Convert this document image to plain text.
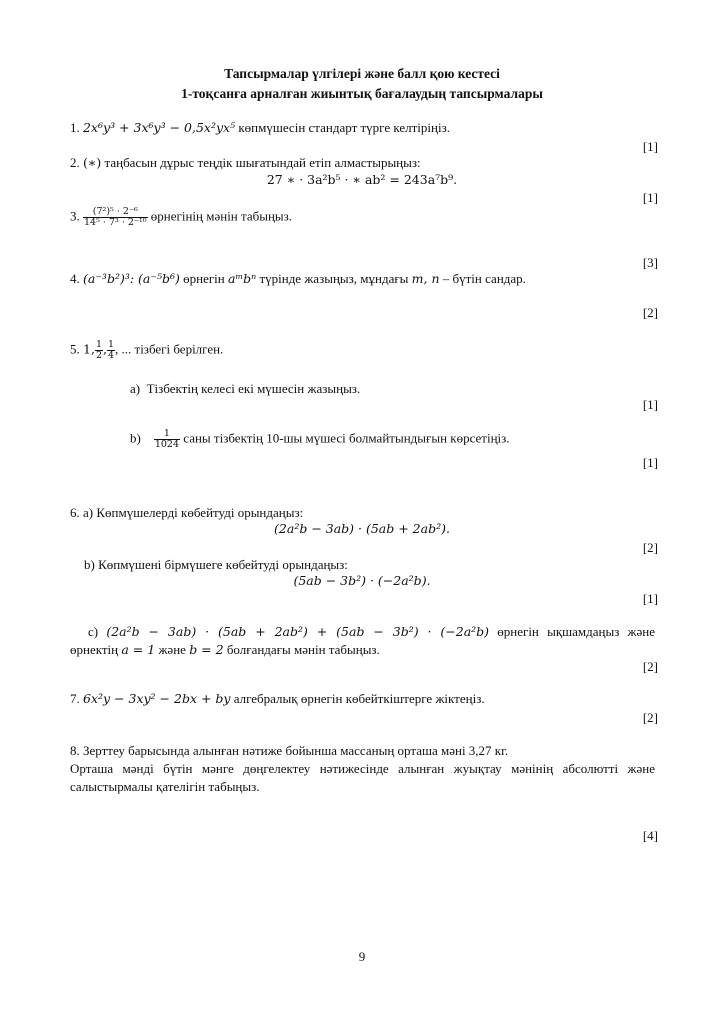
Тапсырмалар үлгілері және балл қою кестесі
1-тоқсанға арналған жиынтық бағалаудың тапсырмалары
1. 2x⁶y³ + 3x⁶y³ − 0,5x²yx⁵ көпмүшесін стандарт түрге келтіріңіз.
[1]
2. (∗) таңбасын дұрыс теңдік шығатындай етіп алмастырыңыз:
27 ∗ · 3a²b⁵ · ∗ ab² = 243a⁷b⁹.
[1]
3. $\frac{\text{(7²)⁵ · 2⁻⁶}}{\text{14⁵ · 7³ · 2⁻¹⁰}}$ өрнегінің мәнін табыңыз.
[3]
4. (a⁻³b²)³: (a⁻⁵b⁶) өрнегін aᵐbⁿ түрінде жазыңыз, мұндағы m, n – бүтін сандар.
[2]
5. 1, $\frac{1}{2}$ , $\frac{1}{4}$ , ... тізбегі берілген.
a) Тізбектің келесі екі мүшесін жазыңыз.
[1]
$b) \frac{1}{1024}$ саны тізбектің 10-шы мүшесі болмайтындығын көрсетіңіз.
[1]
6. a) Көпмүшелерді көбейтуді орындаңыз:
(2a²b − 3ab) · (5ab + 2ab²).
[2]
b) Көпмүшені бірмүшеге көбейтуді орындаңыз:
(5ab − 3b²) · (−2a²b).
[1]
c) (2a²b − 3ab) · (5ab + 2ab²) + (5ab − 3b²) · (−2a²b) өрнегін ықшамдаңыз және
өрнектің a = 1 және b = 2 болғандағы мәнін табыңыз.
[2]
7. 6x²y − 3xy² − 2bx + by алгебралық өрнегін көбейткіштерге жіктеңіз.
[2]
8. Зерттеу барысында алынған нәтиже бойынша массаның орташа мәні 3,27 кг.
Орташа мәнді бүтін мәнге дөңгелектеу нәтижесінде алынған жуықтау мәнінің абсолютті және
салыстырмалы қателігін табыңыз.
[4]
9
